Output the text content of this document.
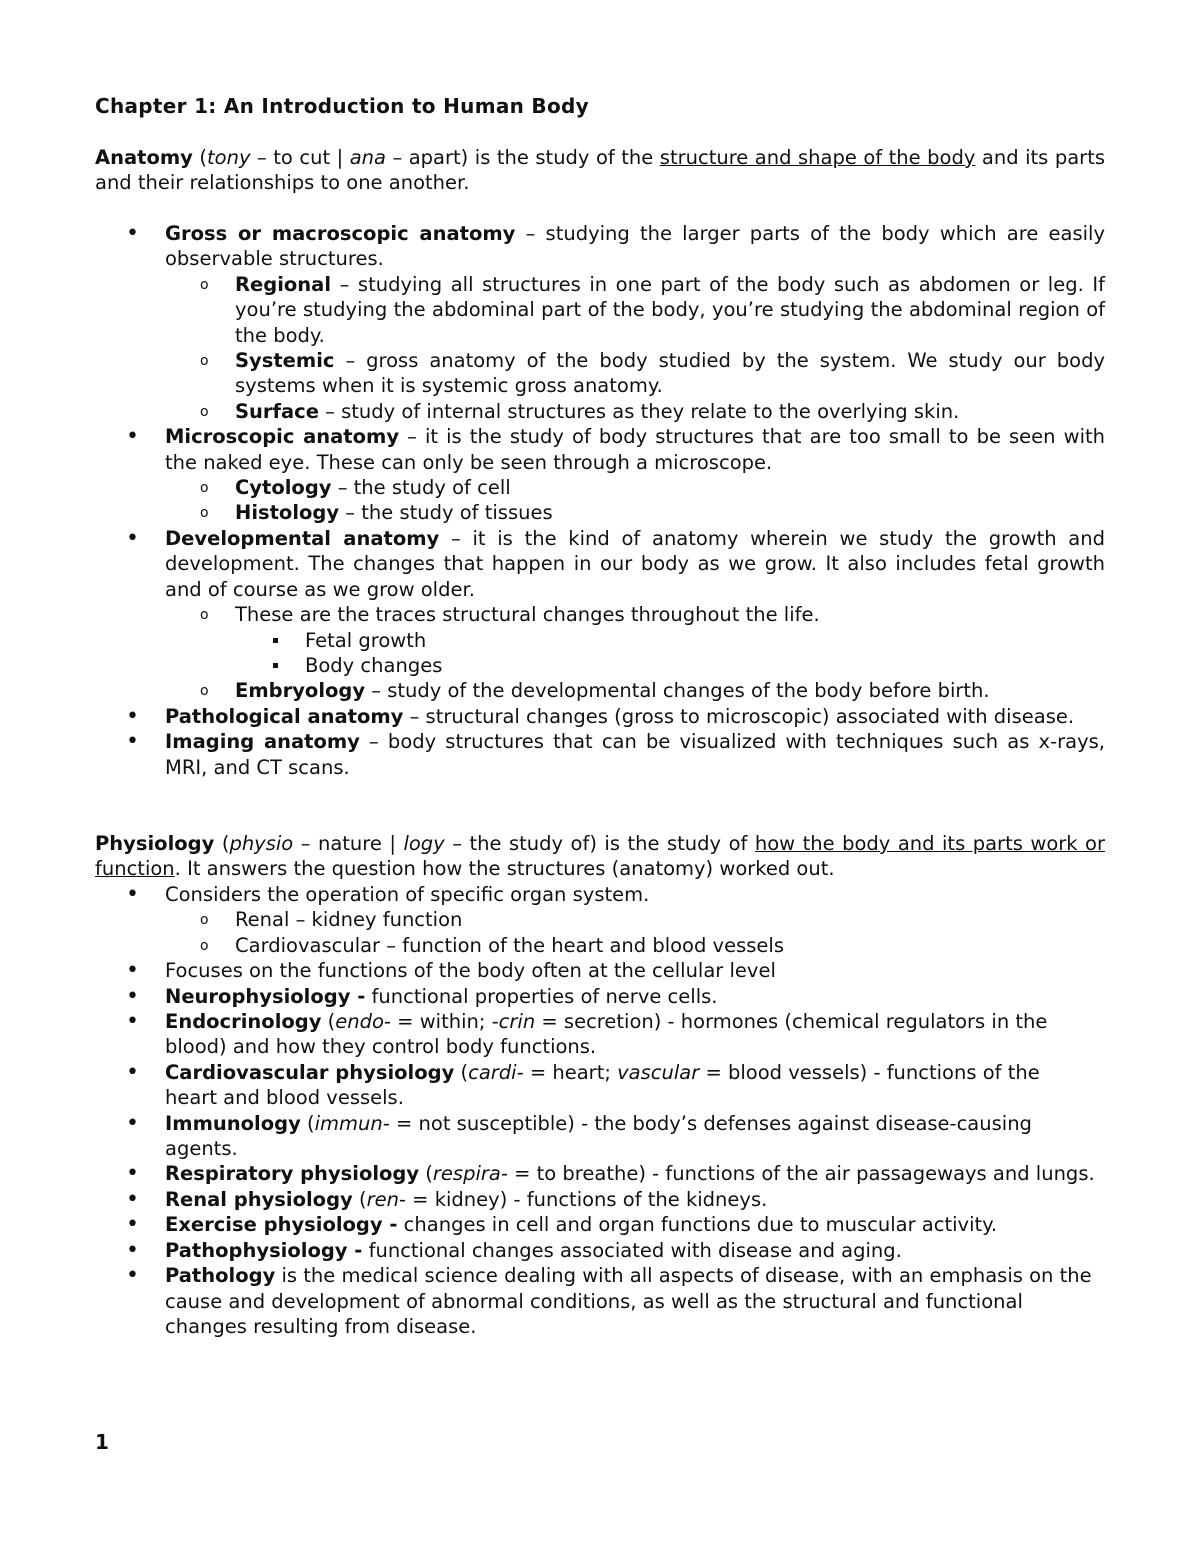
Chapter 1: An Introduction to Human Body

Anatomy (tony – to cut | ana – apart) is the study of the structure and shape of the body and its parts and their relationships to one another.

• Gross or macroscopic anatomy – studying the larger parts of the body which are easily observable structures.
o Regional – studying all structures in one part of the body such as abdomen or leg. If you’re studying the abdominal part of the body, you’re studying the abdominal region of the body.
o Systemic – gross anatomy of the body studied by the system. We study our body systems when it is systemic gross anatomy.
o Surface – study of internal structures as they relate to the overlying skin.
• Microscopic anatomy – it is the study of body structures that are too small to be seen with the naked eye. These can only be seen through a microscope.
o Cytology – the study of cell
o Histology – the study of tissues
• Developmental anatomy – it is the kind of anatomy wherein we study the growth and development. The changes that happen in our body as we grow. It also includes fetal growth and of course as we grow older.
o These are the traces structural changes throughout the life.
Fetal growth
Body changes
o Embryology – study of the developmental changes of the body before birth.
• Pathological anatomy – structural changes (gross to microscopic) associated with disease.
• Imaging anatomy – body structures that can be visualized with techniques such as x-rays, MRI, and CT scans.

Physiology (physio – nature | logy – the study of) is the study of how the body and its parts work or function. It answers the question how the structures (anatomy) worked out.

• Considers the operation of specific organ system.
o Renal – kidney function
o Cardiovascular – function of the heart and blood vessels
• Focuses on the functions of the body often at the cellular level
• Neurophysiology - functional properties of nerve cells.
• Endocrinology (endo- = within; -crin = secretion) - hormones (chemical regulators in the blood) and how they control body functions.
• Cardiovascular physiology (cardi- = heart; vascular = blood vessels) - functions of the heart and blood vessels.
• Immunology (immun- = not susceptible) - the body’s defenses against disease-causing agents.
• Respiratory physiology (respira- = to breathe) - functions of the air passageways and lungs.
• Renal physiology (ren- = kidney) - functions of the kidneys.
• Exercise physiology - changes in cell and organ functions due to muscular activity.
• Pathophysiology - functional changes associated with disease and aging.
• Pathology is the medical science dealing with all aspects of disease, with an emphasis on the cause and development of abnormal conditions, as well as the structural and functional changes resulting from disease.
1
